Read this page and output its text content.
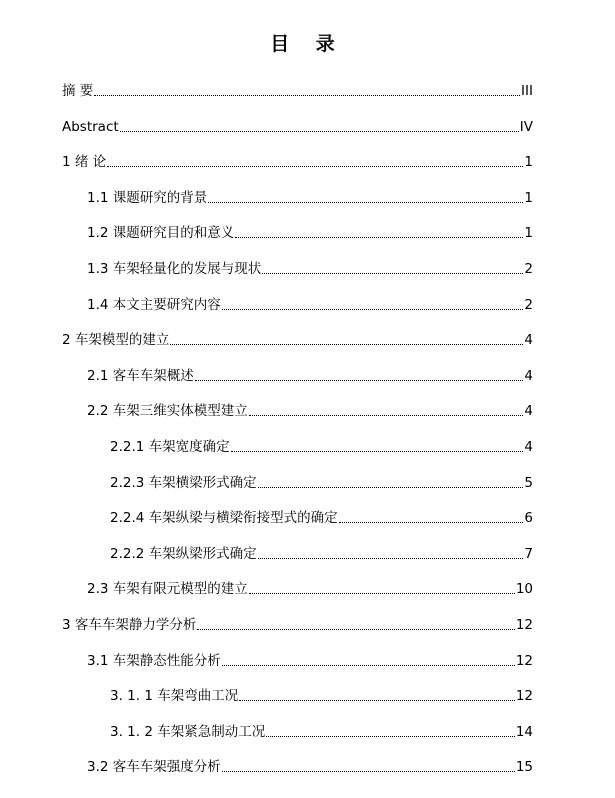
目 录
摘 要	III
Abstract	IV
1 绪 论	1
1.1 课题研究的背景	1
1.2 课题研究目的和意义	1
1.3 车架轻量化的发展与现状	2
1.4 本文主要研究内容	2
2 车架模型的建立	4
2.1 客车车架概述	4
2.2 车架三维实体模型建立	4
2.2.1 车架宽度确定	4
2.2.3 车架横梁形式确定	5
2.2.4 车架纵梁与横梁衔接型式的确定	6
2.2.2 车架纵梁形式确定	7
2.3 车架有限元模型的建立	10
3 客车车架静力学分析	12
3.1 车架静态性能分析	12
3. 1. 1 车架弯曲工况	12
3. 1. 2 车架紧急制动工况	14
3.2 客车车架强度分析	15
